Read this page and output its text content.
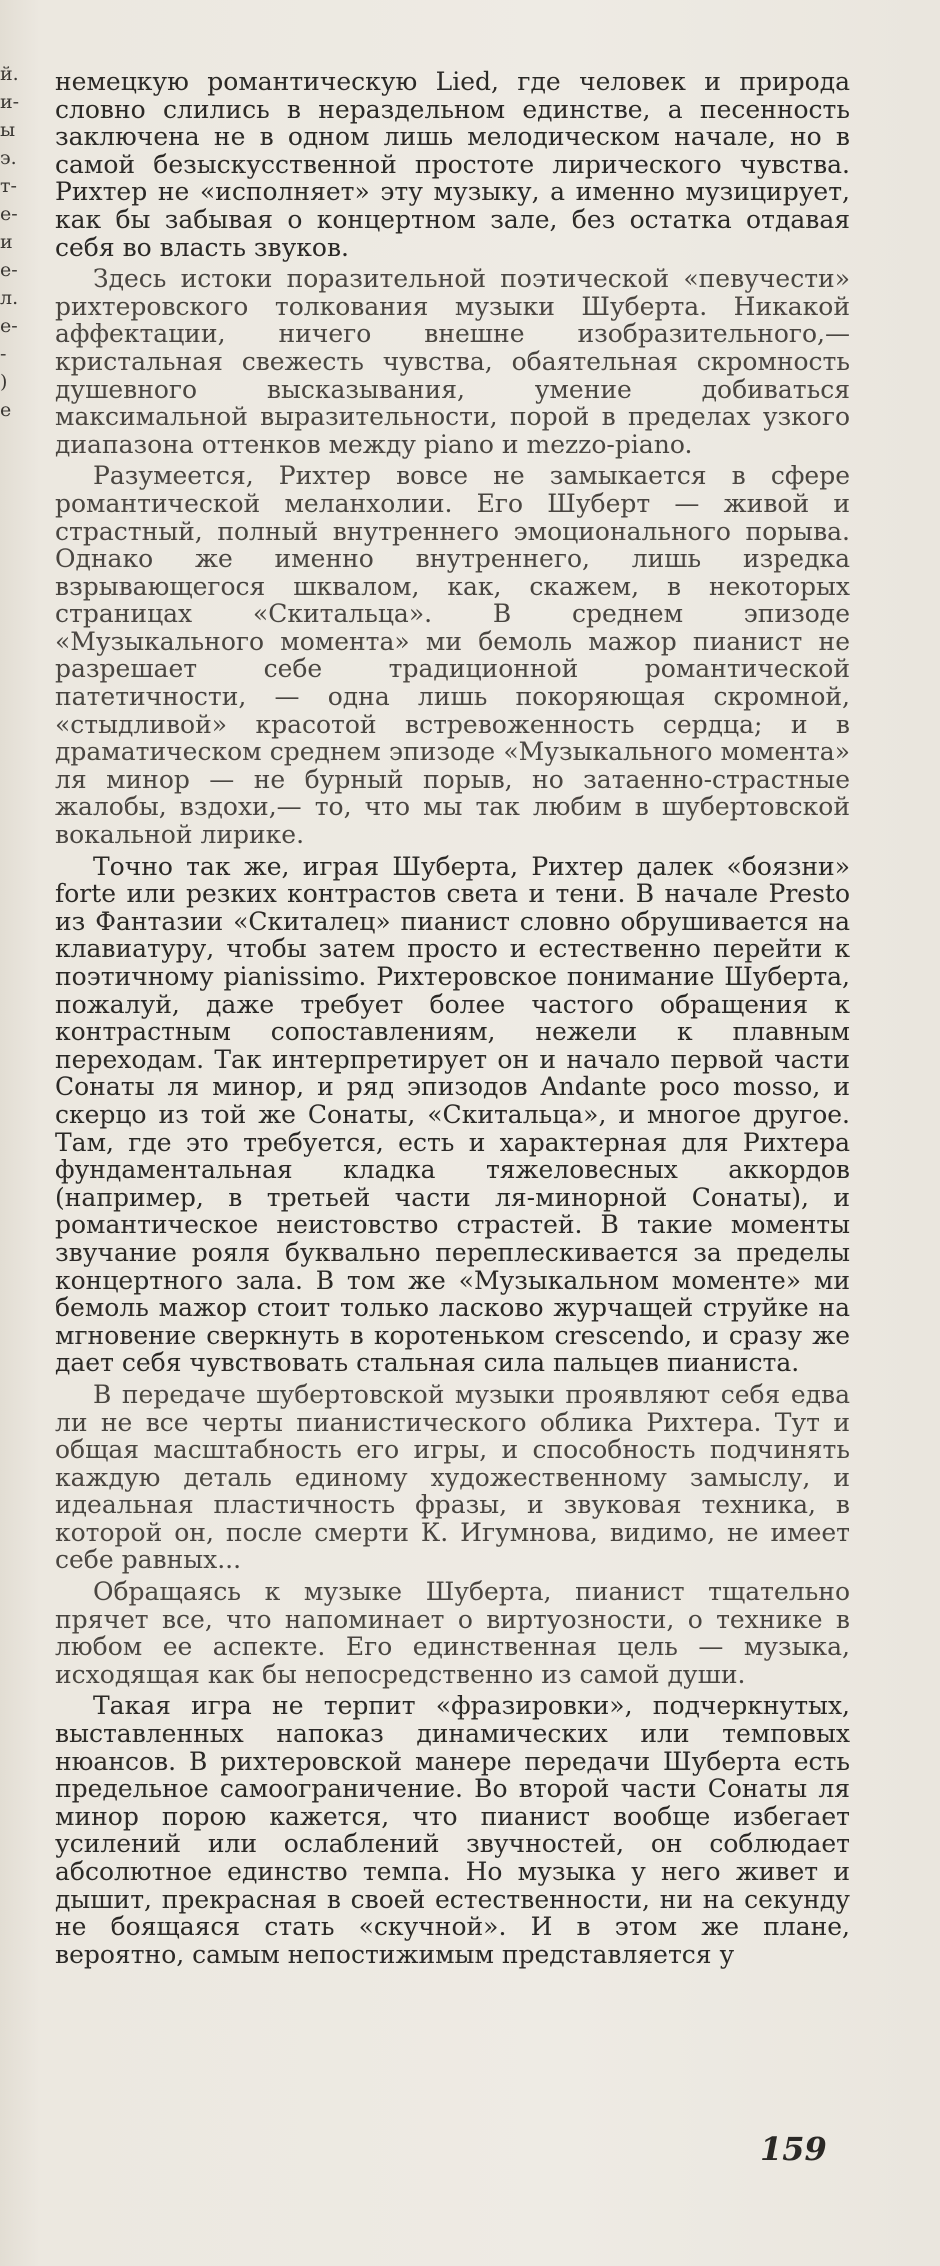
й.
и-
ы
э.
т-
е-
и
е-
л.
е-
-
)
е

немецкую романтическую Lied, где человек и природа словно слились в нераздельном единстве, а песенность заключена не в одном лишь мелодическом начале, но в самой безыскусственной простоте лирического чувства. Рихтер не «исполняет» эту музыку, а именно музицирует, как бы забывая о концертном зале, без остатка отдавая себя во власть звуков.

Здесь истоки поразительной поэтической «певучести» рихтеровского толкования музыки Шуберта. Никакой аффектации, ничего внешне изобразительного,— кристальная свежесть чувства, обаятельная скромность душевного высказывания, умение добиваться максимальной выразительности, порой в пределах узкого диапазона оттенков между piano и mezzo-piano.

Разумеется, Рихтер вовсе не замыкается в сфере романтической меланхолии. Его Шуберт — живой и страстный, полный внутреннего эмоционального порыва. Однако же именно внутреннего, лишь изредка взрывающегося шквалом, как, скажем, в некоторых страницах «Скитальца». В среднем эпизоде «Музыкального момента» ми бемоль мажор пианист не разрешает себе традиционной романтической патетичности, — одна лишь покоряющая скромной, «стыдливой» красотой встревоженность сердца; и в драматическом среднем эпизоде «Музыкального момента» ля минор — не бурный порыв, но затаенно-страстные жалобы, вздохи,— то, что мы так любим в шубертовской вокальной лирике.

Точно так же, играя Шуберта, Рихтер далек «боязни» forte или резких контрастов света и тени. В начале Presto из Фантазии «Скиталец» пианист словно обрушивается на клавиатуру, чтобы затем просто и естественно перейти к поэтичному pianissimo. Рихтеровское понимание Шуберта, пожалуй, даже требует более частого обращения к контрастным сопоставлениям, нежели к плавным переходам. Так интерпретирует он и начало первой части Сонаты ля минор, и ряд эпизодов Andante poco mosso, и скерцо из той же Сонаты, «Скитальца», и многое другое. Там, где это требуется, есть и характерная для Рихтера фундаментальная кладка тяжеловесных аккордов (например, в третьей части ля-минорной Сонаты), и романтическое неистовство страстей. В такие моменты звучание рояля буквально переплескивается за пределы концертного зала. В том же «Музыкальном моменте» ми бемоль мажор стоит только ласково журчащей струйке на мгновение сверкнуть в коротеньком crescendo, и сразу же дает себя чувствовать стальная сила пальцев пианиста.

В передаче шубертовской музыки проявляют себя едва ли не все черты пианистического облика Рихтера. Тут и общая масштабность его игры, и способность подчинять каждую деталь единому художественному замыслу, и идеальная пластичность фразы, и звуковая техника, в которой он, после смерти К. Игумнова, видимо, не имеет себе равных...

Обращаясь к музыке Шуберта, пианист тщательно прячет все, что напоминает о виртуозности, о технике в любом ее аспекте. Его единственная цель — музыка, исходящая как бы непосредственно из самой души.

Такая игра не терпит «фразировки», подчеркнутых, выставленных напоказ динамических или темповых нюансов. В рихтеровской манере передачи Шуберта есть предельное самоограничение. Во второй части Сонаты ля минор порою кажется, что пианист вообще избегает усилений или ослаблений звучностей, он соблюдает абсолютное единство темпа. Но музыка у него живет и дышит, прекрасная в своей естественности, ни на секунду не боящаяся стать «скучной». И в этом же плане, вероятно, самым непостижимым представляется у

159
